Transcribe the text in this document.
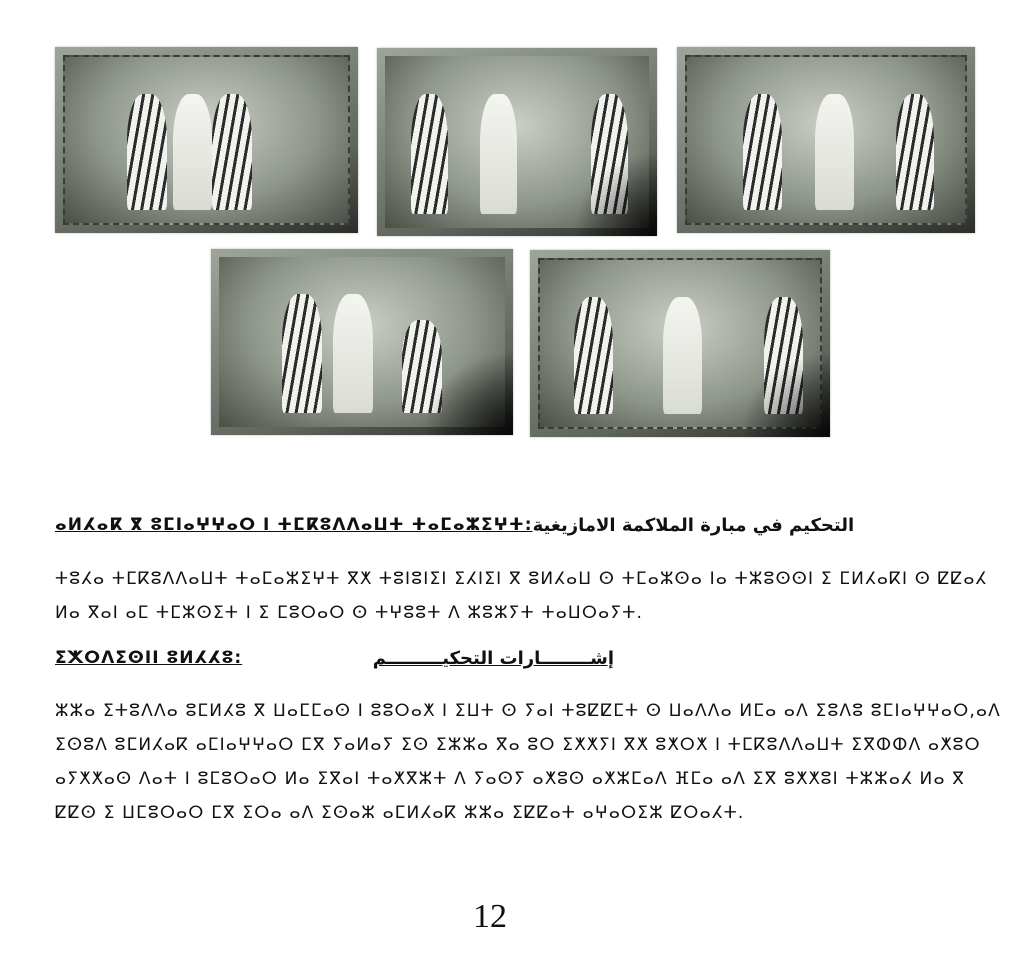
ⴰⵍⵃⴰⴽ ⴳ ⵓⵎⵏⴰⵖⵖⴰⵔ ⵏ ⵜⵎⴽⵓⴷⴷⴰⵡⵜ ⵜⴰⵎⴰⵣⵉⵖⵜ: التحكيم في مبارة الملاكمة الامازيغية
ⵜⵓⵃⴰ ⵜⵎⴽⵓⴷⴷⴰⵡⵜ ⵜⴰⵎⴰⵣⵉⵖⵜ ⴳⵅ ⵜⵓⵏⵓⵏⵉⵏ ⵉⵃⵏⵉⵏ ⴳ ⵓⵍⵃⴰⵡ ⵙ ⵜⵎⴰⵣⵙⴰ ⵏⴰ ⵜⵣⵓⵙⵙⵏ ⵉ ⵎⵍⵃⴰⴽⵏ ⵙ ⵇⵇⴰⵃ ⵍⴰ ⴳⴰⵏ ⴰⵎ ⵜⵎⵣⵙⵉⵜ ⵏ ⵉ ⵎⵓⵔⴰⵔ ⵙ ⵜⵖⵓⵓⵜ ⴷ ⵣⵓⵣⵢⵜ ⵜⴰⵡⵔⴰⵢⵜ.
ⵉⵅⵔⴷⵉⵙⵏⵏ ⵓⵍⵃⵃⵓ:	إشــــــــارات التحكيـــــــــم
ⵣⵣⴰ ⵉⵜⵓⴷⴷⴰ ⵓⵎⵍⵃⵓ ⴳ ⵡⴰⵎⵎⴰⵙ ⵏ ⵓⵓⵔⴰⵅ ⵏ ⵉⵡⵜ ⵙ ⵢⴰⵏ ⵜⵓⵇⵇⵎⵜ ⵙ ⵡⴰⴷⴷⴰ ⵍⵎⴰ ⴰⴷ ⵉⵓⴷⵓ ⵓⵎⵏⴰⵖⵖⴰⵔ,ⴰⴷ ⵉⵙⵓⴷ ⵓⵎⵍⵃⴰⴽ ⴰⵎⵏⴰⵖⵖⴰⵔ ⵎⴳ ⵢⴰⵍⴰⵢ ⵉⵙ ⵉⵣⵣⴰ ⴳⴰ ⵓⵔ ⵉⵅⵅⵢⵏ ⴳⵅ ⵓⵅⵔⵅ ⵏ ⵜⵎⴽⵓⴷⴷⴰⵡⵜ ⵉⴳⵀⵀⴷ ⴰⵅⵓⵔ ⴰⵢⵅⵅⴰⵙ ⴷⴰⵜ ⵏ ⵓⵎⵓⵔⴰⵔ ⵍⴰ ⵉⴳⴰⵏ ⵜⴰⵅⴳⵣⵜ ⴷ ⵢⴰⵙⵢ ⴰⵅⵓⵙ ⴰⵅⵣⵎⴰⴷ ⴼⵎⴰ ⴰⴷ ⵉⴳ ⵓⵅⵅⵓⵏ ⵜⵣⵣⴰⵃ ⵍⴰ ⴳ ⵇⵇⵙ ⵉ ⵡⵎⵓⵔⴰⵔ ⵎⴳ ⵉⵔⴰ ⴰⴷ ⵉⵙⴰⵣ ⴰⵎⵍⵃⴰⴽ ⵣⵣⴰ ⵉⵇⵇⴰⵜ ⴰⵖⴰⵔⵉⵣ ⵇⵔⴰⵃⵜ.
12
